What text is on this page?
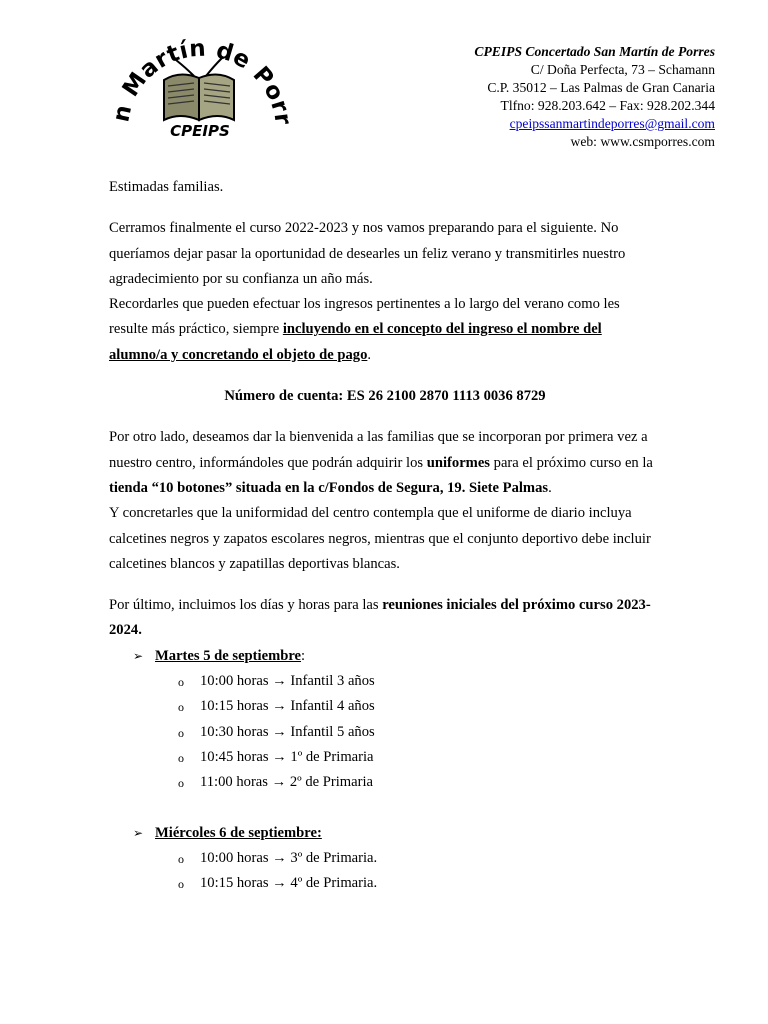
n Martín de Por
CPEIPS
CPEIPS Concertado San Martín de Porres
C/ Doña Perfecta, 73 – Schamann
C.P. 35012 – Las Palmas de Gran Canaria
Tlfno: 928.203.642 – Fax: 928.202.344
cpeipssanmartindeporres@gmail.com
web: www.csmporres.com

Estimadas familias.

Cerramos finalmente el curso 2022-2023 y nos vamos preparando para el siguiente. No queríamos dejar pasar la oportunidad de desearles un feliz verano y transmitirles nuestro agradecimiento por su confianza un año más.

Recordarles que pueden efectuar los ingresos pertinentes a lo largo del verano como les resulte más práctico, siempre incluyendo en el concepto del ingreso el nombre del alumno/a y concretando el objeto de pago.

Número de cuenta: ES 26 2100 2870 1113 0036 8729

Por otro lado, deseamos dar la bienvenida a las familias que se incorporan por primera vez a nuestro centro, informándoles que podrán adquirir los uniformes para el próximo curso en la tienda “10 botones” situada en la c/Fondos de Segura, 19. Siete Palmas.

Y concretarles que la uniformidad del centro contempla que el uniforme de diario incluya calcetines negros y zapatos escolares negros, mientras que el conjunto deportivo debe incluir calcetines blancos y zapatillas deportivas blancas.

Por último, incluimos los días y horas para las reuniones iniciales del próximo curso 2023-2024.

➢ Martes 5 de septiembre:

o 10:00 horas → Infantil 3 años

o 10:15 horas → Infantil 4 años

o 10:30 horas → Infantil 5 años

o 10:45 horas → 1º de Primaria

o 11:00 horas → 2º de Primaria

➢ Miércoles 6 de septiembre:

o 10:00 horas → 3º de Primaria.

o 10:15 horas → 4º de Primaria.
